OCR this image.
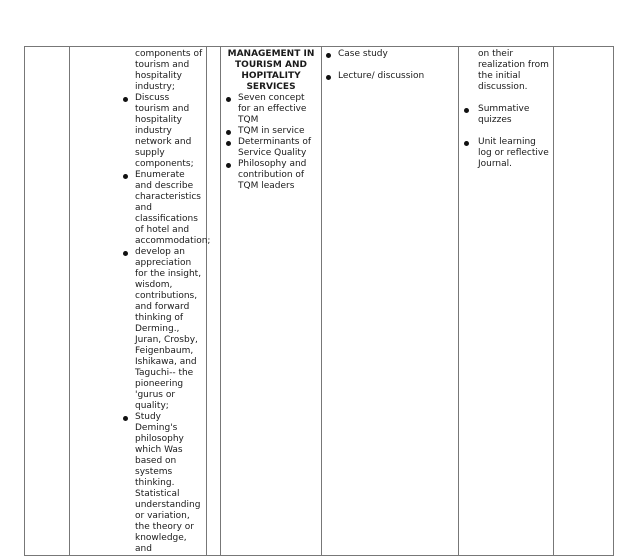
components of tourism and hospitality industry;
Discuss tourism and hospitality industry network and supply components;
Enumerate and describe characteristics and classifications of hotel and accommodation;
develop an appreciation for the insight, wisdom, contributions, and forward thinking of Derming., Juran, Crosby, Feigenbaum, Ishikawa, and Taguchi-- the pioneering 'gurus or quality;
Study Deming's philosophy which Was based on systems thinking. Statistical understanding or variation, the theory or knowledge, and

MANAGEMENT IN TOURISM AND HOPITALITY SERVICES
Seven concept for an effective TQM
TQM in service
Determinants of Service Quality
Philosophy and contribution of TQM leaders

Case study
Lecture/ discussion

on their realization from the initial discussion.
Summative quizzes
Unit learning log or reflective Journal.
